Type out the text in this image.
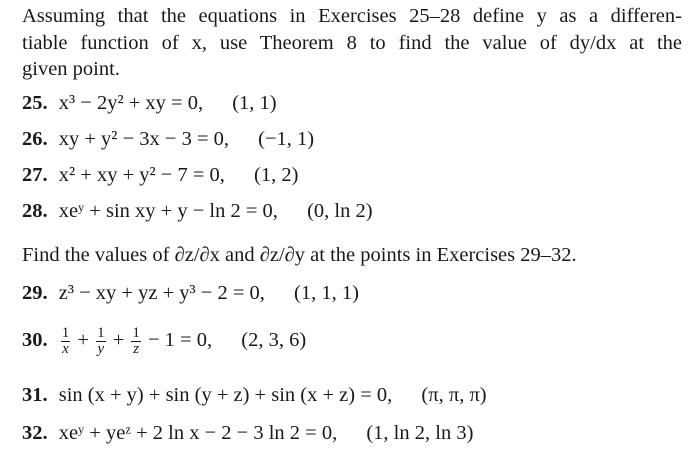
Assuming that the equations in Exercises 25–28 define y as a differen-
tiable function of x, use Theorem 8 to find the value of dy/dx at the
given point.
25. x³ − 2y² + xy = 0, (1, 1)
26. xy + y² − 3x − 3 = 0, (−1, 1)
27. x² + xy + y² − 7 = 0, (1, 2)
28. xeʸ + sin xy + y − ln 2 = 0, (0, ln 2)
Find the values of ∂z/∂x and ∂z/∂y at the points in Exercises 29–32.
29. z³ − xy + yz + y³ − 2 = 0, (1, 1, 1)
30. $\frac{1}{x} + \frac{1}{y} + \frac{1}{z} - 1 = 0$, (2, 3, 6)
31. sin (x + y) + sin (y + z) + sin (x + z) = 0, (π, π, π)
32. xeʸ + yeᶻ + 2 ln x − 2 − 3 ln 2 = 0, (1, ln 2, ln 3)
